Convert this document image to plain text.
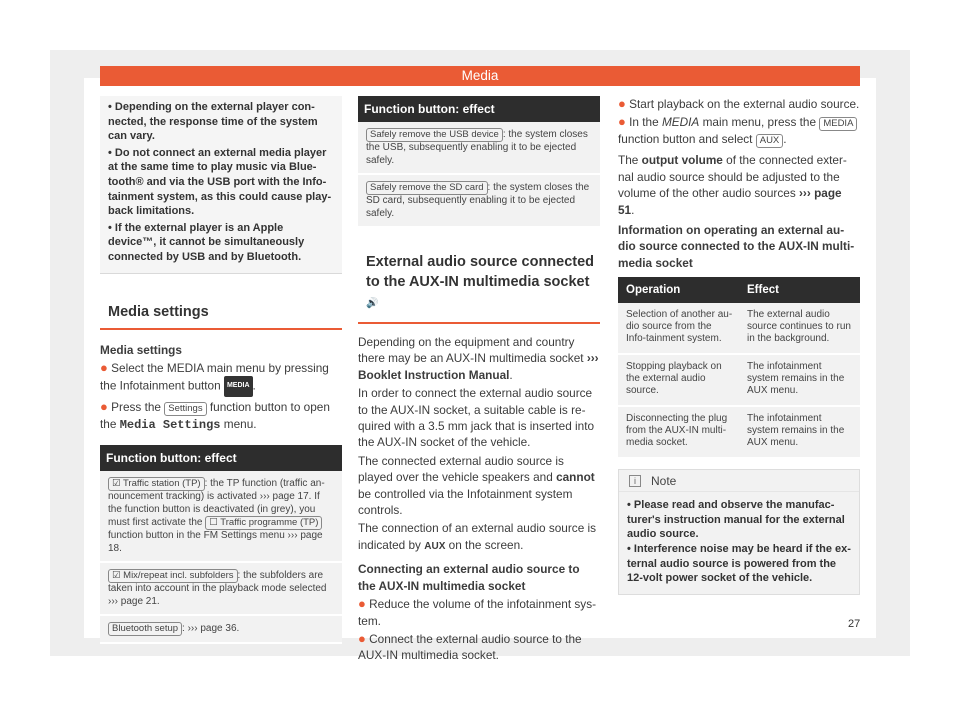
Media

• Depending on the external player con-nected, the response time of the system can vary.

• Do not connect an external media player at the same time to play music via Blue-tooth® and via the USB port with the Info-tainment system, as this could cause play-back limitations.

• If the external player is an Apple device™, it cannot be simultaneously connected by USB and by Bluetooth.

Media settings

Media settings

● Select the MEDIA main menu by pressing the Infotainment button MEDIA .

● Press the Settings function button to open the Media Settings menu.

Function button: effect
☑ Traffic station (TP) : the TP function (traffic an-nouncement tracking) is activated ››› page 17. If the function button is deactivated (in grey), you must first activate the ☐ Traffic programme (TP) function button in the FM Settings menu ››› page 18.
☑ Mix/repeat incl. subfolders : the subfolders are taken into account in the playback mode selected ››› page 21.
Bluetooth setup : ››› page 36.
Function button: effect
Safely remove the USB device : the system closes the USB, subsequently enabling it to be ejected safely.
Safely remove the SD card : the system closes the SD card, subsequently enabling it to be ejected safely.
External audio source connected to the AUX-IN multimedia socket 🔊

Depending on the equipment and country there may be an AUX-IN multimedia socket ››› Booklet Instruction Manual.

In order to connect the external audio source to the AUX-IN socket, a suitable cable is re-quired with a 3.5 mm jack that is inserted into the AUX-IN socket of the vehicle.

The connected external audio source is played over the vehicle speakers and cannot be controlled via the Infotainment system controls.

The connection of an external audio source is indicated by AUX on the screen.

Connecting an external audio source to the AUX-IN multimedia socket

● Reduce the volume of the infotainment sys-tem.

● Connect the external audio source to the AUX-IN multimedia socket.

● Start playback on the external audio source.

● In the MEDIA main menu, press the MEDIA function button and select AUX .

The output volume of the connected exter-nal audio source should be adjusted to the volume of the other audio sources ››› page 51.

Information on operating an external au-dio source connected to the AUX-IN multi-media socket

Operation	Effect
Selection of another au-dio source from the Info-tainment system.	The external audio source continues to run in the background.
Stopping playback on the external audio source.	The infotainment system remains in the AUX menu.
Disconnecting the plug from the AUX-IN multi-media socket.	The infotainment system remains in the AUX menu.
i	Note

• Please read and observe the manufac-turer's instruction manual for the external audio source.

• Interference noise may be heard if the ex-ternal audio source is powered from the 12-volt power socket of the vehicle.

27
